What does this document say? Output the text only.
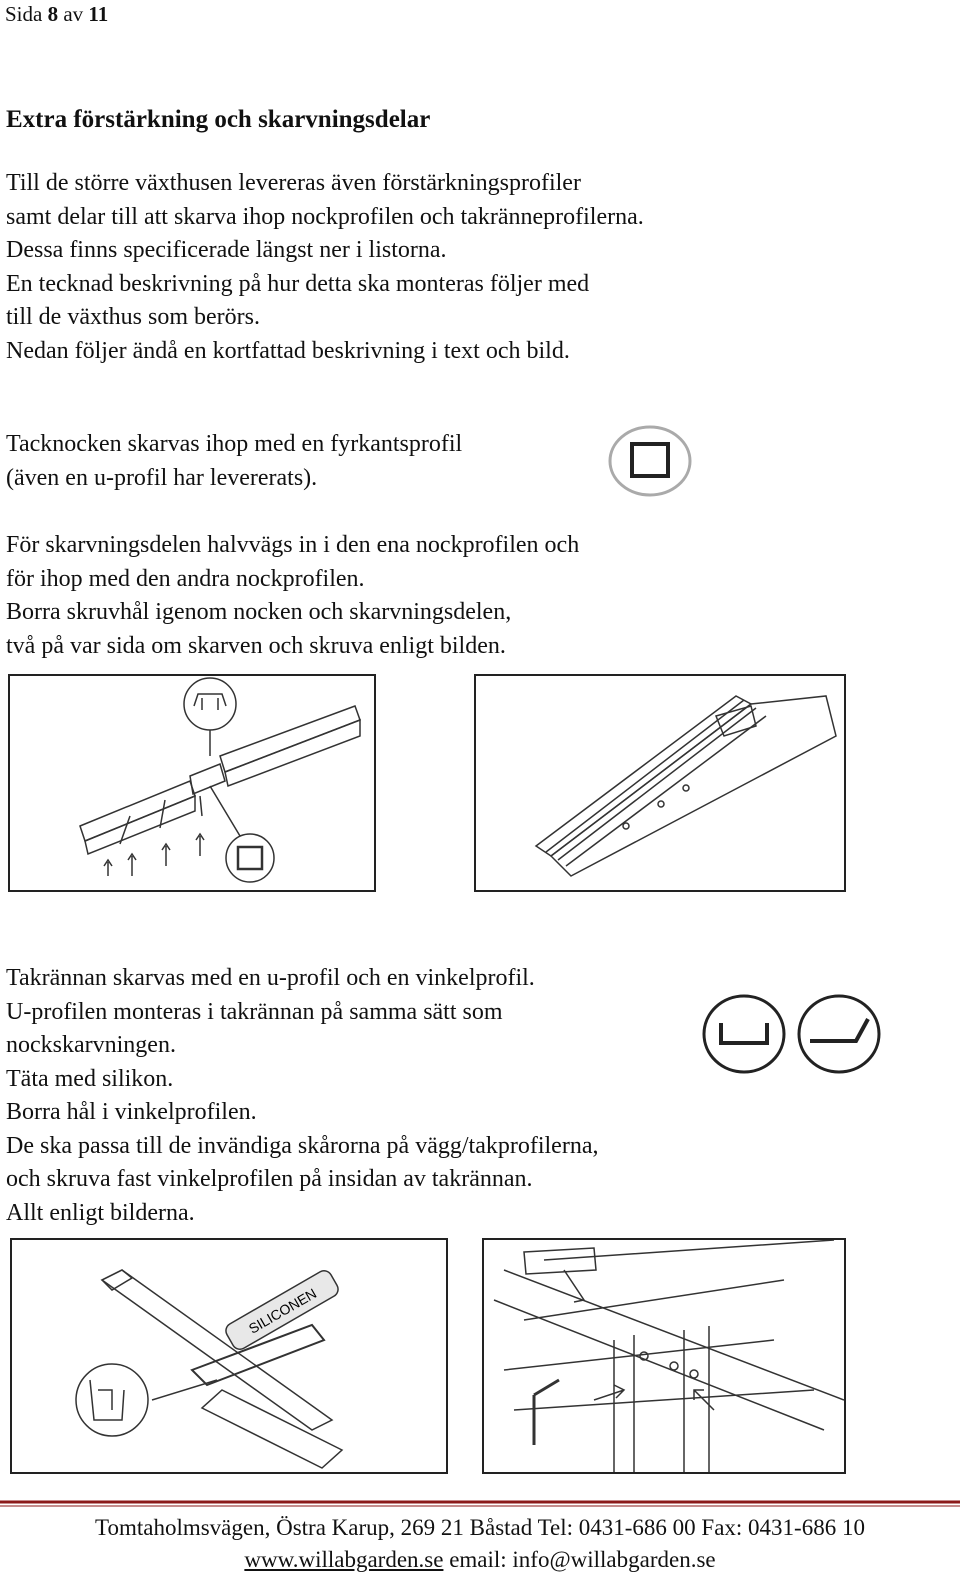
Sida 8 av 11
Extra förstärkning och skarvningsdelar
Till de större växthusen levereras även förstärkningsprofiler
samt delar till att skarva ihop nockprofilen och takränneprofilerna.
Dessa finns specificerade längst ner i listorna.
En tecknad beskrivning på hur detta ska monteras följer med
till de växthus som berörs.
Nedan följer ändå en kortfattad beskrivning i text och bild.
Tacknocken skarvas ihop med en fyrkantsprofil
(även en u-profil har levererats).
För skarvningsdelen halvvägs in i den ena nockprofilen och
för ihop med den andra nockprofilen.
Borra skruvhål igenom nocken och skarvningsdelen,
två på var sida om skarven och skruva enligt bilden.
Takrännan skarvas med en u-profil och en vinkelprofil.
U-profilen monteras i takrännan på samma sätt som
nockskarvningen.
Täta med silikon.
Borra hål i vinkelprofilen.
De ska passa till de invändiga skårorna på vägg/takprofilerna,
och skruva fast vinkelprofilen på insidan av takrännan.
Allt enligt bilderna.
SILICONEN
Tomtaholmsvägen, Östra Karup, 269 21 Båstad Tel: 0431-686 00 Fax: 0431-686 10
www.willabgarden.se email: info@willabgarden.se
